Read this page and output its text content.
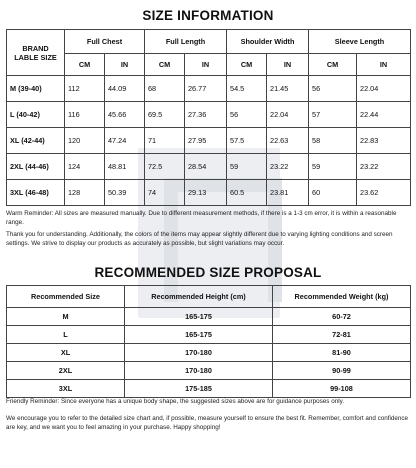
SIZE INFORMATION
BRAND LABLE SIZE	Full Chest		Full Length		Shoulder Width		Sleeve Length	
	CM	IN	CM	IN	CM	IN	CM	IN
M (39-40)	112	44.09	68	26.77	54.5	21.45	56	22.04
L (40-42)	116	45.66	69.5	27.36	56	22.04	57	22.44
XL (42-44)	120	47.24	71	27.95	57.5	22.63	58	22.83
2XL (44-46)	124	48.81	72.5	28.54	59	23.22	59	23.22
3XL (46-48)	128	50.39	74	29.13	60.5	23.81	60	23.62

Warm Reminder: All sizes are measured manually. Due to different measurement methods, if there is a 1-3 cm error, it is within a reasonable range.

Thank you for understanding. Additionally, the colors of the items may appear slightly different due to varying lighting conditions and screen settings. We strive to display our products as accurately as possible, but slight variations may occur.

RECOMMENDED SIZE PROPOSAL
Recommended Size	Recommended Height (cm)	Recommended Weight (kg)
M	165-175	60-72
L	165-175	72-81
XL	170-180	81-90
2XL	170-180	90-99
3XL	175-185	99-108

Friendly Reminder: Since everyone has a unique body shape, the suggested sizes above are for guidance purposes only.

We encourage you to refer to the detailed size chart and, if possible, measure yourself to ensure the best fit. Remember, comfort and confidence are key, and we want you to feel amazing in your purchase. Happy shopping!
